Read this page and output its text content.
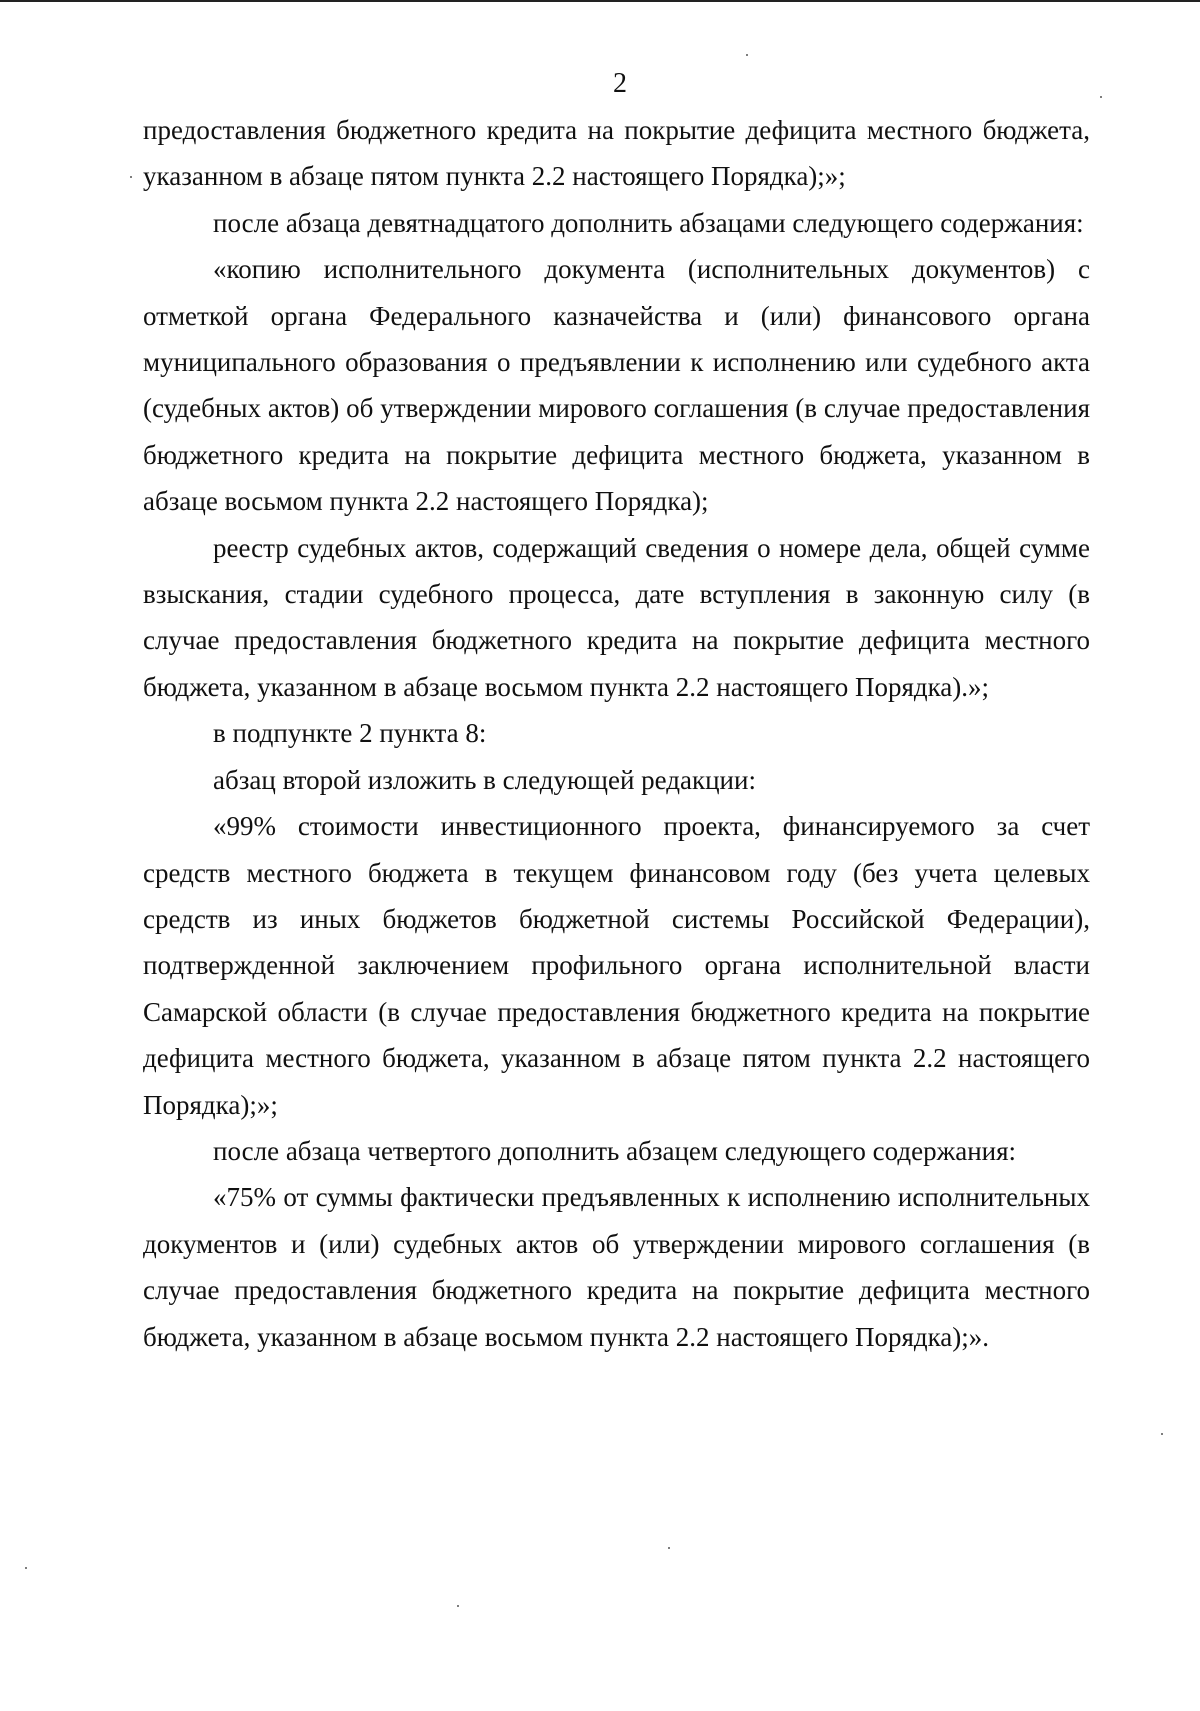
2

предоставления бюджетного кредита на покрытие дефицита местного бюджета, указанном в абзаце пятом пункта 2.2 настоящего Порядка);»;

после абзаца девятнадцатого дополнить абзацами следующего содержания:

«копию исполнительного документа (исполнительных документов) с отметкой органа Федерального казначейства и (или) финансового органа муниципального образования о предъявлении к исполнению или судебного акта (судебных актов) об утверждении мирового соглашения (в случае предоставления бюджетного кредита на покрытие дефицита местного бюджета, указанном в абзаце восьмом пункта 2.2 настоящего Порядка);

реестр судебных актов, содержащий сведения о номере дела, общей сумме взыскания, стадии судебного процесса, дате вступления в законную силу (в случае предоставления бюджетного кредита на покрытие дефицита местного бюджета, указанном в абзаце восьмом пункта 2.2 настоящего Порядка).»;

в подпункте 2 пункта 8:

абзац второй изложить в следующей редакции:

«99% стоимости инвестиционного проекта, финансируемого за счет средств местного бюджета в текущем финансовом году (без учета целевых средств из иных бюджетов бюджетной системы Российской Федерации), подтвержденной заключением профильного органа исполнительной власти Самарской области (в случае предоставления бюджетного кредита на покрытие дефицита местного бюджета, указанном в абзаце пятом пункта 2.2 настоящего Порядка);»;

после абзаца четвертого дополнить абзацем следующего содержания:

«75% от суммы фактически предъявленных к исполнению исполнительных документов и (или) судебных актов об утверждении мирового соглашения (в случае предоставления бюджетного кредита на покрытие дефицита местного бюджета, указанном в абзаце восьмом пункта 2.2 настоящего Порядка);».
